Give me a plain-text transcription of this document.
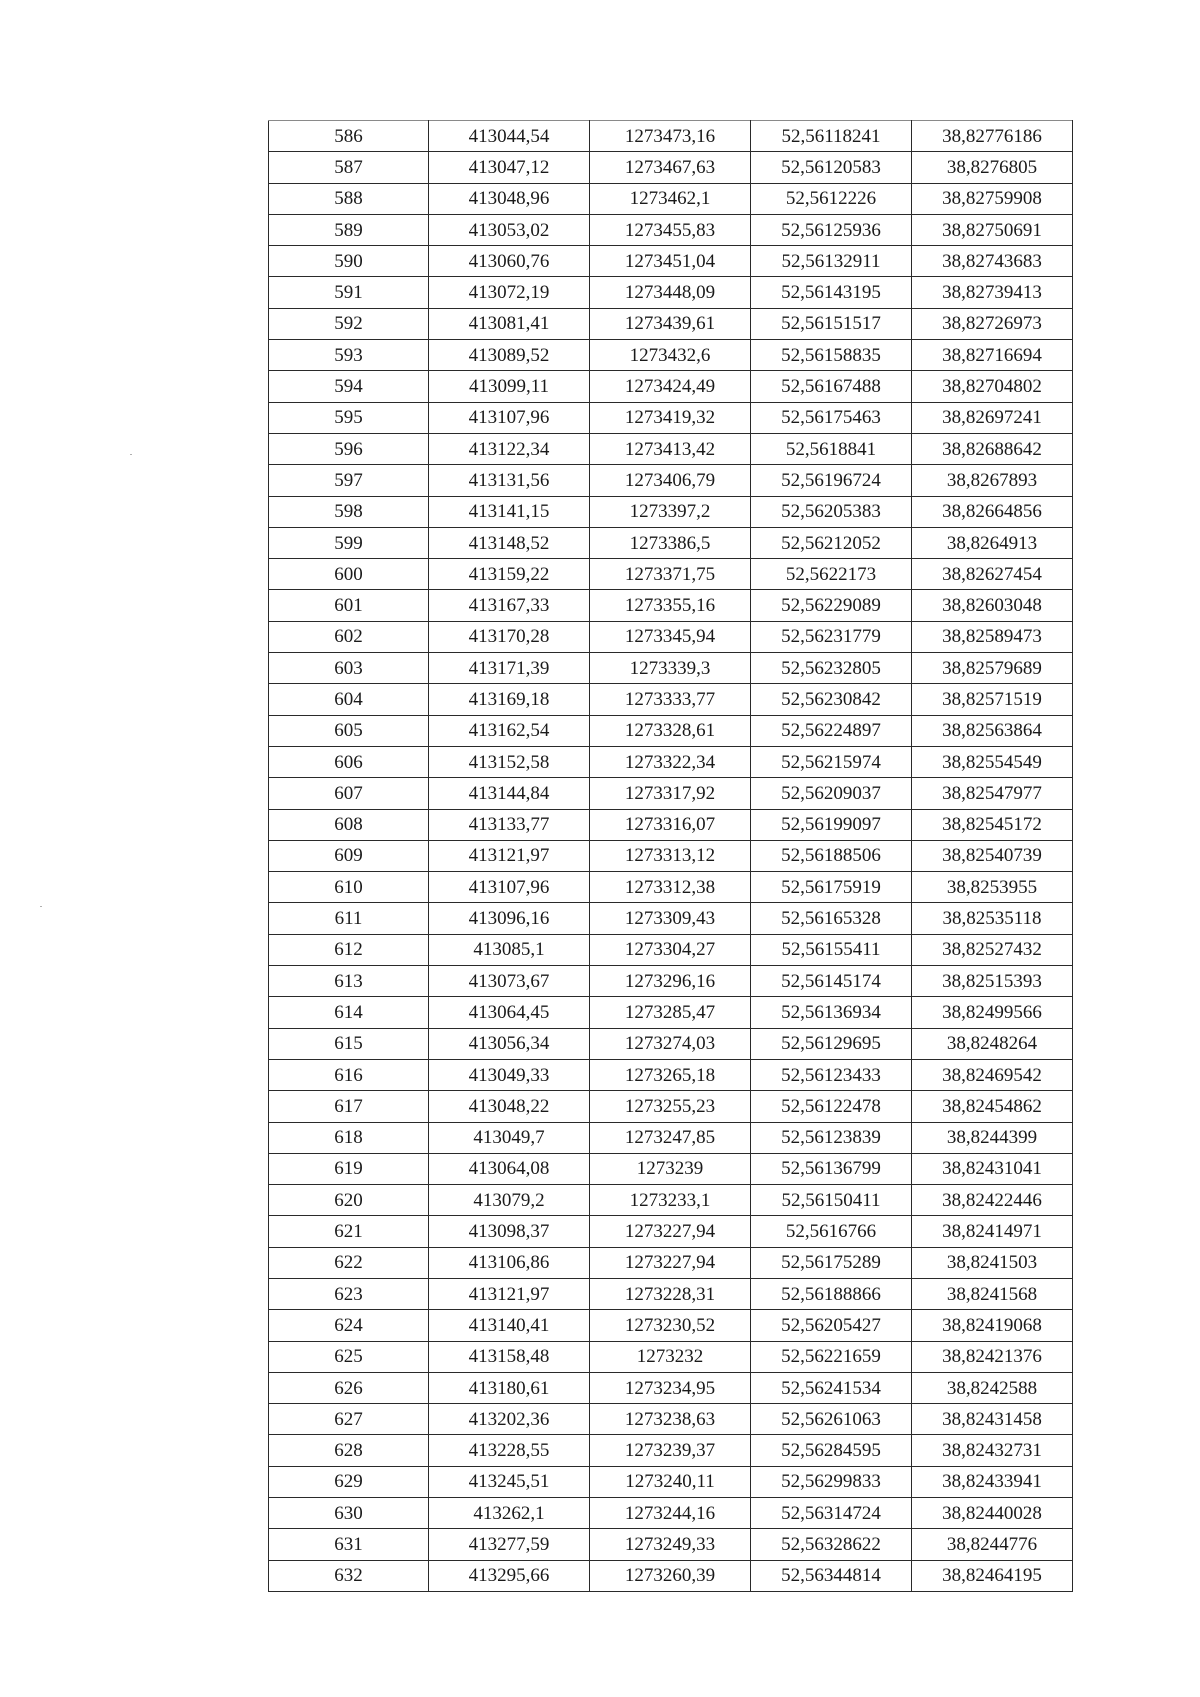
586	413044,54	1273473,16	52,56118241	38,82776186
587	413047,12	1273467,63	52,56120583	38,8276805
588	413048,96	1273462,1	52,5612226	38,82759908
589	413053,02	1273455,83	52,56125936	38,82750691
590	413060,76	1273451,04	52,56132911	38,82743683
591	413072,19	1273448,09	52,56143195	38,82739413
592	413081,41	1273439,61	52,56151517	38,82726973
593	413089,52	1273432,6	52,56158835	38,82716694
594	413099,11	1273424,49	52,56167488	38,82704802
595	413107,96	1273419,32	52,56175463	38,82697241
596	413122,34	1273413,42	52,5618841	38,82688642
597	413131,56	1273406,79	52,56196724	38,8267893
598	413141,15	1273397,2	52,56205383	38,82664856
599	413148,52	1273386,5	52,56212052	38,8264913
600	413159,22	1273371,75	52,5622173	38,82627454
601	413167,33	1273355,16	52,56229089	38,82603048
602	413170,28	1273345,94	52,56231779	38,82589473
603	413171,39	1273339,3	52,56232805	38,82579689
604	413169,18	1273333,77	52,56230842	38,82571519
605	413162,54	1273328,61	52,56224897	38,82563864
606	413152,58	1273322,34	52,56215974	38,82554549
607	413144,84	1273317,92	52,56209037	38,82547977
608	413133,77	1273316,07	52,56199097	38,82545172
609	413121,97	1273313,12	52,56188506	38,82540739
610	413107,96	1273312,38	52,56175919	38,8253955
611	413096,16	1273309,43	52,56165328	38,82535118
612	413085,1	1273304,27	52,56155411	38,82527432
613	413073,67	1273296,16	52,56145174	38,82515393
614	413064,45	1273285,47	52,56136934	38,82499566
615	413056,34	1273274,03	52,56129695	38,8248264
616	413049,33	1273265,18	52,56123433	38,82469542
617	413048,22	1273255,23	52,56122478	38,82454862
618	413049,7	1273247,85	52,56123839	38,8244399
619	413064,08	1273239	52,56136799	38,82431041
620	413079,2	1273233,1	52,56150411	38,82422446
621	413098,37	1273227,94	52,5616766	38,82414971
622	413106,86	1273227,94	52,56175289	38,8241503
623	413121,97	1273228,31	52,56188866	38,8241568
624	413140,41	1273230,52	52,56205427	38,82419068
625	413158,48	1273232	52,56221659	38,82421376
626	413180,61	1273234,95	52,56241534	38,8242588
627	413202,36	1273238,63	52,56261063	38,82431458
628	413228,55	1273239,37	52,56284595	38,82432731
629	413245,51	1273240,11	52,56299833	38,82433941
630	413262,1	1273244,16	52,56314724	38,82440028
631	413277,59	1273249,33	52,56328622	38,8244776
632	413295,66	1273260,39	52,56344814	38,82464195
